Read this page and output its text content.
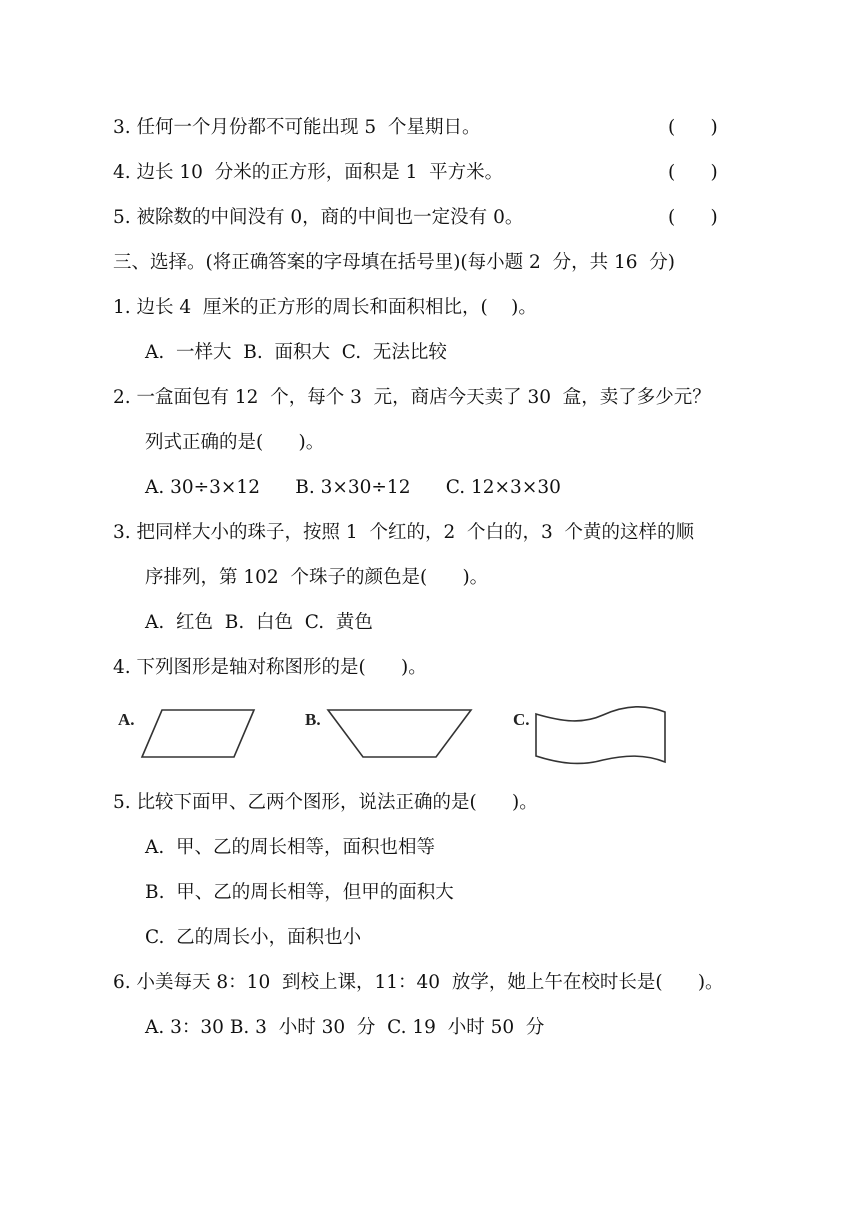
3. 任何一个月份都不可能出现 5  个星期日。	(      )
4. 边长 10  分米的正方形，面积是 1  平方米。	(      )
5. 被除数的中间没有 0，商的中间也一定没有 0。	(      )
三、选择。(将正确答案的字母填在括号里)(每小题 2  分，共 16  分)
1. 边长 4  厘米的正方形的周长和面积相比，(    )。
A.  一样大  B.  面积大  C.  无法比较
2. 一盒面包有 12  个，每个 3  元，商店今天卖了 30  盒，卖了多少元？
列式正确的是(      )。
A. 30÷3×12      B. 3×30÷12      C. 12×3×30
3. 把同样大小的珠子，按照 1  个红的，2  个白的，3  个黄的这样的顺
序排列，第 102  个珠子的颜色是(      )。
A.  红色  B.  白色  C.  黄色
4. 下列图形是轴对称图形的是(      )。
A.	B.	C.
5. 比较下面甲、乙两个图形，说法正确的是(      )。
A.  甲、乙的周长相等，面积也相等
B.  甲、乙的周长相等，但甲的面积大
C.  乙的周长小，面积也小
6. 小美每天 8：10  到校上课，11：40  放学，她上午在校时长是(      )。
A. 3：30 B. 3  小时 30  分  C. 19  小时 50  分
